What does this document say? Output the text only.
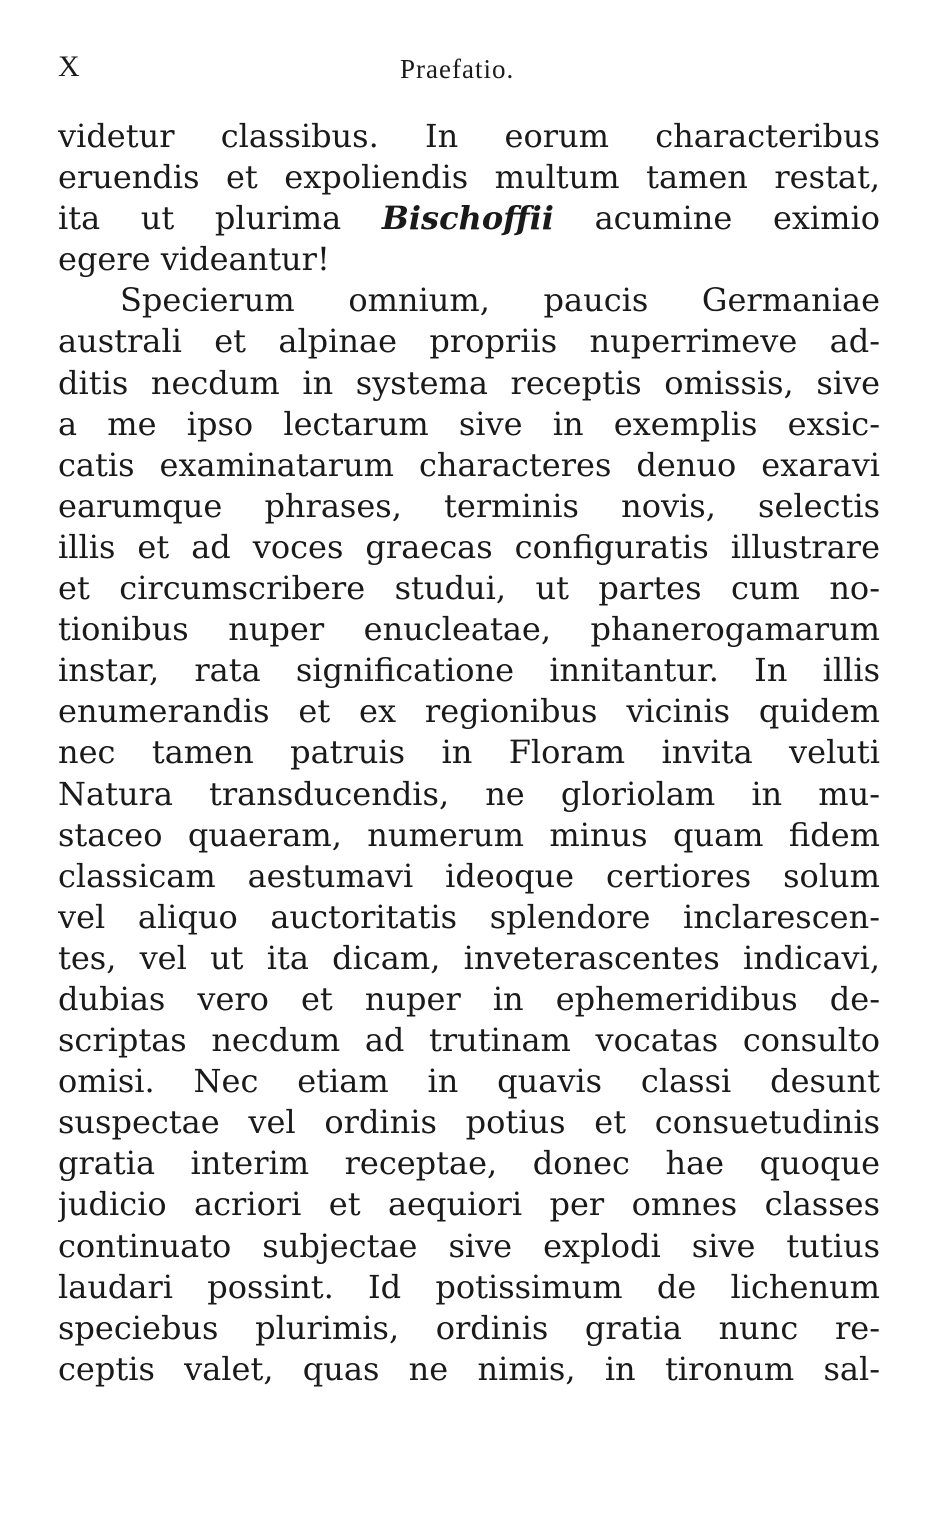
X	Praefatio.
videtur classibus. In eorum characteribus
eruendis et expoliendis multum tamen restat,
ita ut plurima Bischoffii acumine eximio
egere videantur!
Specierum omnium, paucis Germaniae
australi et alpinae propriis nuperrimeve ad-
ditis necdum in systema receptis omissis, sive
a me ipso lectarum sive in exemplis exsic-
catis examinatarum characteres denuo exaravi
earumque phrases, terminis novis, selectis
illis et ad voces graecas configuratis illustrare
et circumscribere studui, ut partes cum no-
tionibus nuper enucleatae, phanerogamarum
instar, rata significatione innitantur. In illis
enumerandis et ex regionibus vicinis quidem
nec tamen patruis in Floram invita veluti
Natura transducendis, ne gloriolam in mu-
staceo quaeram, numerum minus quam fidem
classicam aestumavi ideoque certiores solum
vel aliquo auctoritatis splendore inclarescen-
tes, vel ut ita dicam, inveterascentes indicavi,
dubias vero et nuper in ephemeridibus de-
scriptas necdum ad trutinam vocatas consulto
omisi. Nec etiam in quavis classi desunt
suspectae vel ordinis potius et consuetudinis
gratia interim receptae, donec hae quoque
judicio acriori et aequiori per omnes classes
continuato subjectae sive explodi sive tutius
laudari possint. Id potissimum de lichenum
speciebus plurimis, ordinis gratia nunc re-
ceptis valet, quas ne nimis, in tironum sal-
